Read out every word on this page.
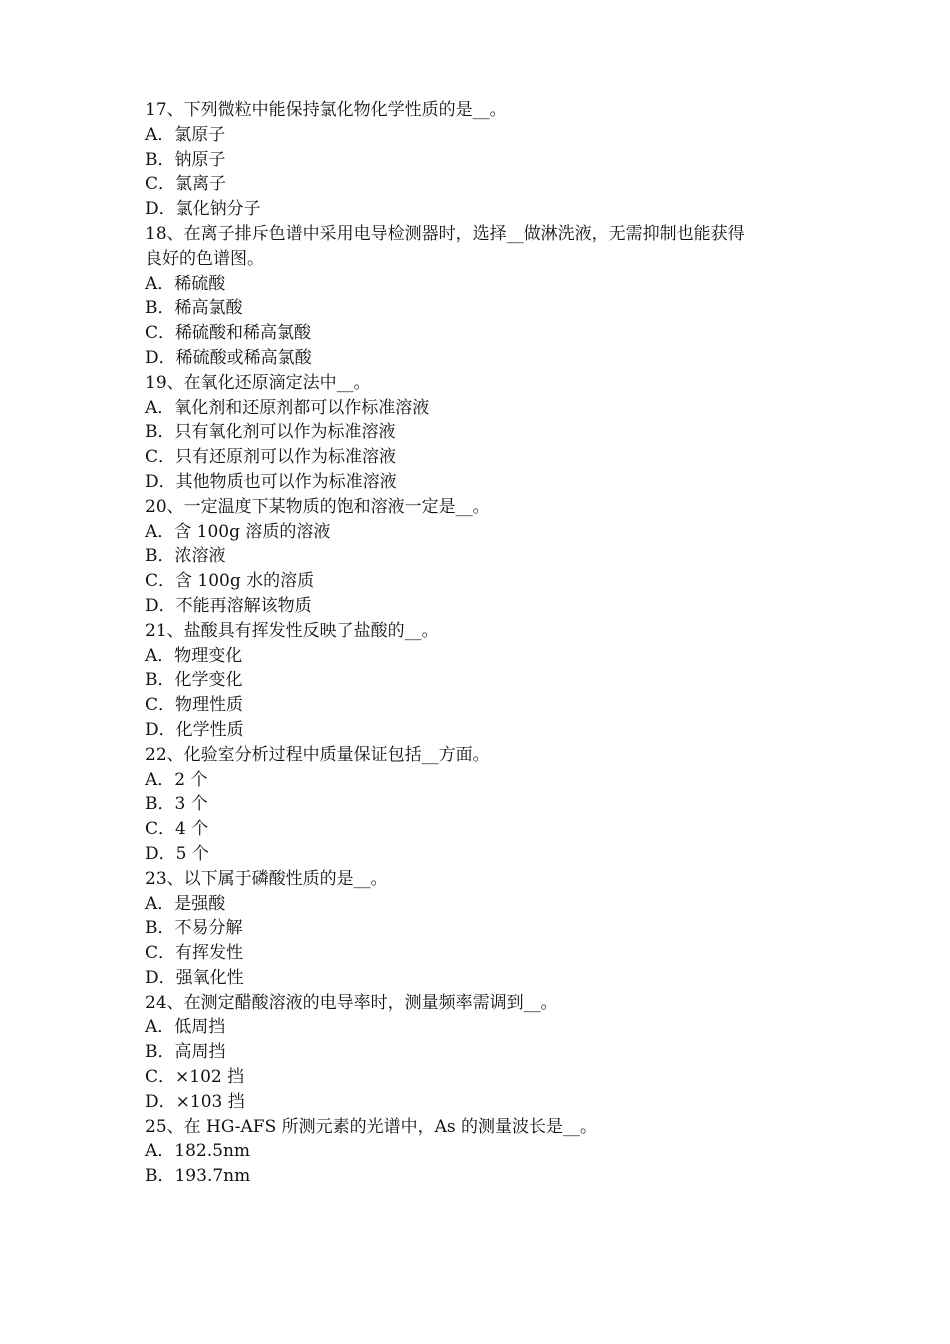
17、下列微粒中能保持氯化物化学性质的是__。
A．氯原子
B．钠原子
C．氯离子
D．氯化钠分子
18、在离子排斥色谱中采用电导检测器时，选择__做淋洗液，无需抑制也能获得
良好的色谱图。
A．稀硫酸
B．稀高氯酸
C．稀硫酸和稀高氯酸
D．稀硫酸或稀高氯酸
19、在氧化还原滴定法中__。
A．氧化剂和还原剂都可以作标准溶液
B．只有氧化剂可以作为标准溶液
C．只有还原剂可以作为标准溶液
D．其他物质也可以作为标准溶液
20、一定温度下某物质的饱和溶液一定是__。
A．含 100g 溶质的溶液
B．浓溶液
C．含 100g 水的溶质
D．不能再溶解该物质
21、盐酸具有挥发性反映了盐酸的__。
A．物理变化
B．化学变化
C．物理性质
D．化学性质
22、化验室分析过程中质量保证包括__方面。
A．2 个
B．3 个
C．4 个
D．5 个
23、以下属于磷酸性质的是__。
A．是强酸
B．不易分解
C．有挥发性
D．强氧化性
24、在测定醋酸溶液的电导率时，测量频率需调到__。
A．低周挡
B．高周挡
C．×102 挡
D．×103 挡
25、在 HG-AFS 所测元素的光谱中，As 的测量波长是__。
A．182.5nm
B．193.7nm
